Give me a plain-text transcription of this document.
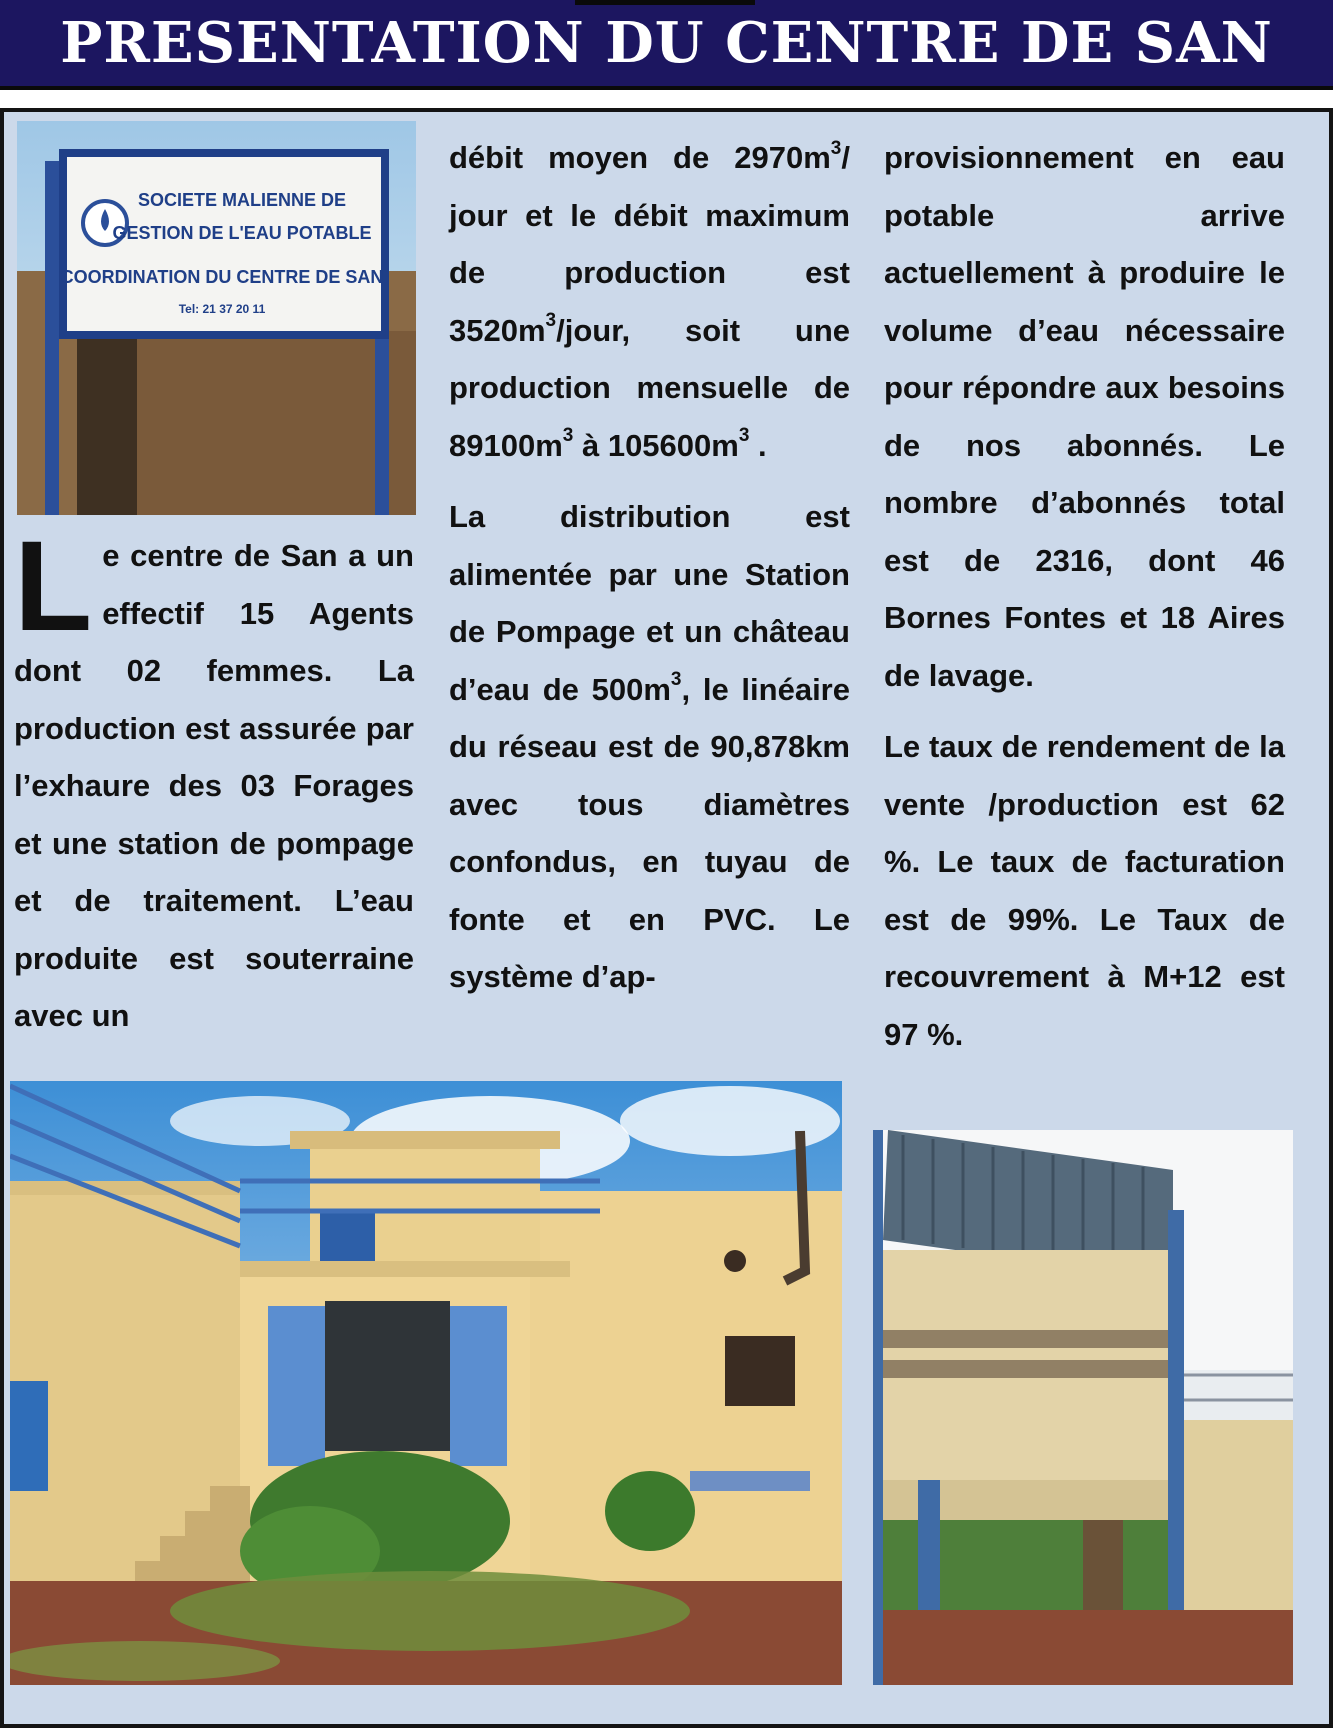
PRESENTATION DU CENTRE DE SAN
SOCIETE MALIENNE DE
GESTION DE L'EAU POTABLE
COORDINATION DU CENTRE DE SAN
Tel: 21 37 20 11

Le centre de San a un effectif 15 Agents dont 02 femmes. La production est assurée par l’exhaure des 03 Forages et une station de pompage et de traitement. L’eau produite est souterraine avec un

débit moyen de $2970m^3/$ jour et le débit maximum de production est $3520m^3$/jour, soit une production mensuelle de $89100m^3$ à $105600m^3$ .

La distribution est alimentée par une Station de Pompage et un château d’eau de $500m^3$, le linéaire du réseau est de 90,878km avec tous diamètres confondus, en tuyau de fonte et en PVC. Le système d’ap-

provisionnement en eau potable arrive actuellement à produire le volume d’eau nécessaire pour répondre aux besoins de nos abonnés. Le nombre d’abonnés total est de 2316, dont 46 Bornes Fontes et 18 Aires de lavage.

Le taux de rendement de la vente /production est 62 %. Le taux de facturation est de 99%. Le Taux de recouvrement à M+12 est 97 %.
